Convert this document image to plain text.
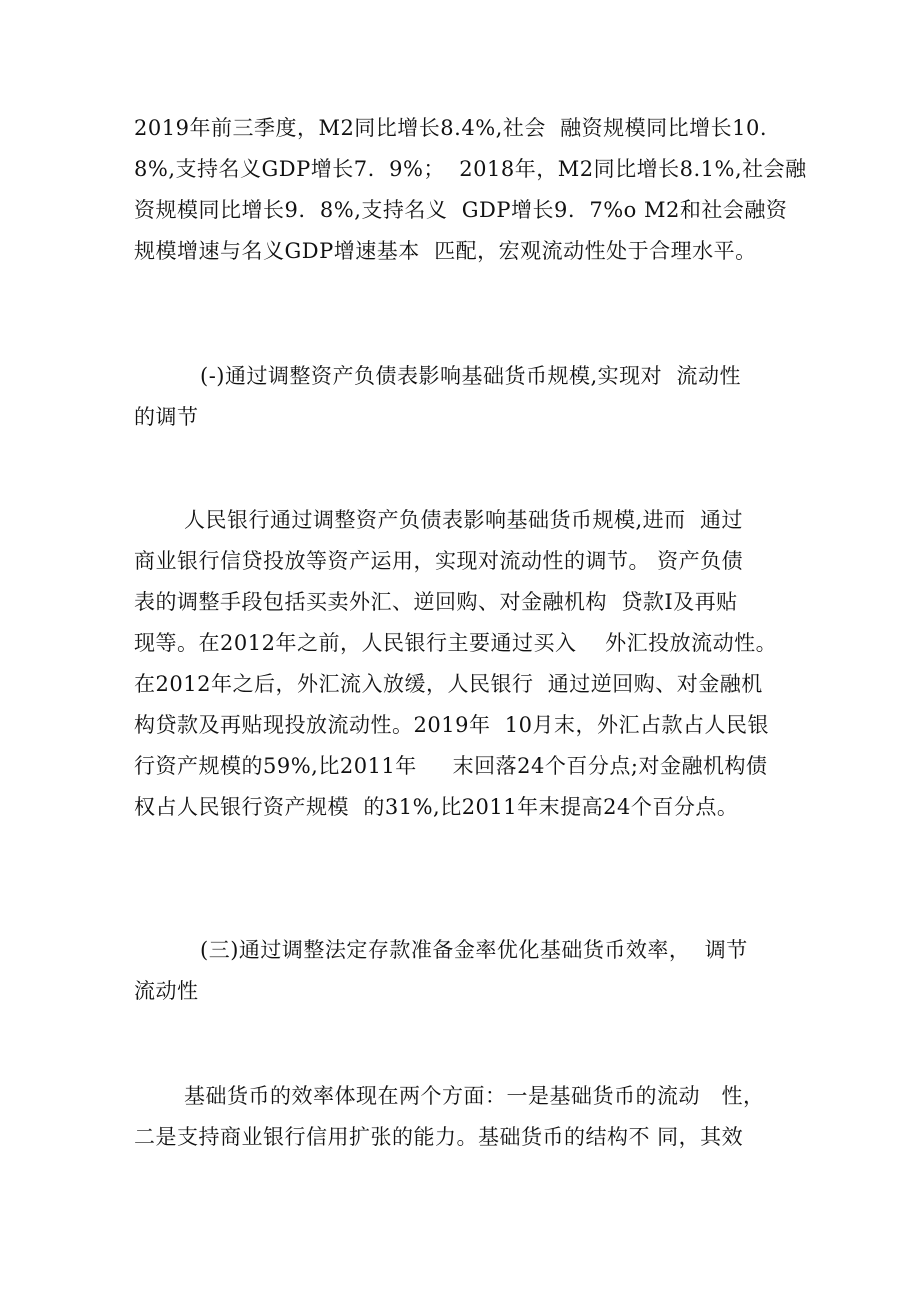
2019年前三季度，M2同比增长8.4%,社会  融资规模同比增长10.
8%,支持名义GDP增长7.  9%；  2018年，M2同比增长8.1%,社会融
资规模同比增长9.  8%,支持名义  GDP增长9.  7%o M2和社会融资
规模增速与名义GDP增速基本  匹配，宏观流动性处于合理水平。
(-)通过调整资产负债表影响基础货币规模,实现对  流动性
的调节
人民银行通过调整资产负债表影响基础货币规模,进而  通过
商业银行信贷投放等资产运用，实现对流动性的调节。 资产负债
表的调整手段包括买卖外汇、逆回购、对金融机构  贷款I及再贴
现等。在2012年之前，人民银行主要通过买入    外汇投放流动性。
在2012年之后，外汇流入放缓，人民银行  通过逆回购、对金融机
构贷款及再贴现投放流动性。2019年  10月末，外汇占款占人民银
行资产规模的59%,比2011年     末回落24个百分点;对金融机构债
权占人民银行资产规模  的31%,比2011年末提高24个百分点。
(三)通过调整法定存款准备金率优化基础货币效率，  调节
流动性
基础货币的效率体现在两个方面：一是基础货币的流动   性，
二是支持商业银行信用扩张的能力。基础货币的结构不 同，其效
